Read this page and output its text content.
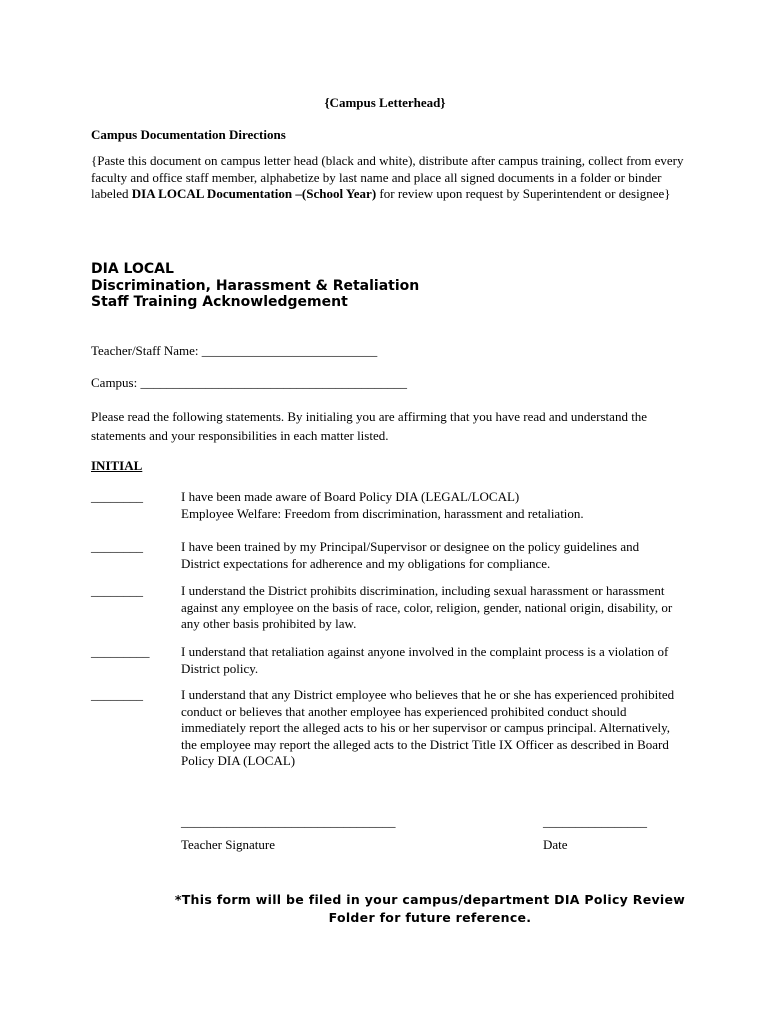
{Campus Letterhead}
Campus Documentation Directions
{Paste this document on campus letter head (black and white), distribute after campus training, collect from every faculty and office staff member, alphabetize by last name and place all signed documents in a folder or binder labeled DIA LOCAL Documentation –(School Year) for review upon request by Superintendent or designee}
DIA LOCAL
Discrimination, Harassment & Retaliation
Staff Training Acknowledgement
Teacher/Staff Name: ___________________________
Campus: _________________________________________
Please read the following statements. By initialing you are affirming that you have read and understand the statements and your responsibilities in each matter listed.
INITIAL
________	I have been made aware of Board Policy DIA (LEGAL/LOCAL)
Employee Welfare: Freedom from discrimination, harassment and retaliation.
________	I have been trained by my Principal/Supervisor or designee on the policy guidelines and District expectations for adherence and my obligations for compliance.
________	I understand the District prohibits discrimination, including sexual harassment or harassment against any employee on the basis of race, color, religion, gender, national origin, disability, or any other basis prohibited by law.
_________ I understand that retaliation against anyone involved in the complaint process is a violation of District policy.
________	I understand that any District employee who believes that he or she has experienced prohibited conduct or believes that another employee has experienced prohibited conduct should immediately report the alleged acts to his or her supervisor or campus principal. Alternatively, the employee may report the alleged acts to the District Title IX Officer as described in Board Policy DIA (LOCAL)
_________________________________	________________
Teacher Signature	Date
*This form will be filed in your campus/department DIA Policy Review Folder for future reference.
